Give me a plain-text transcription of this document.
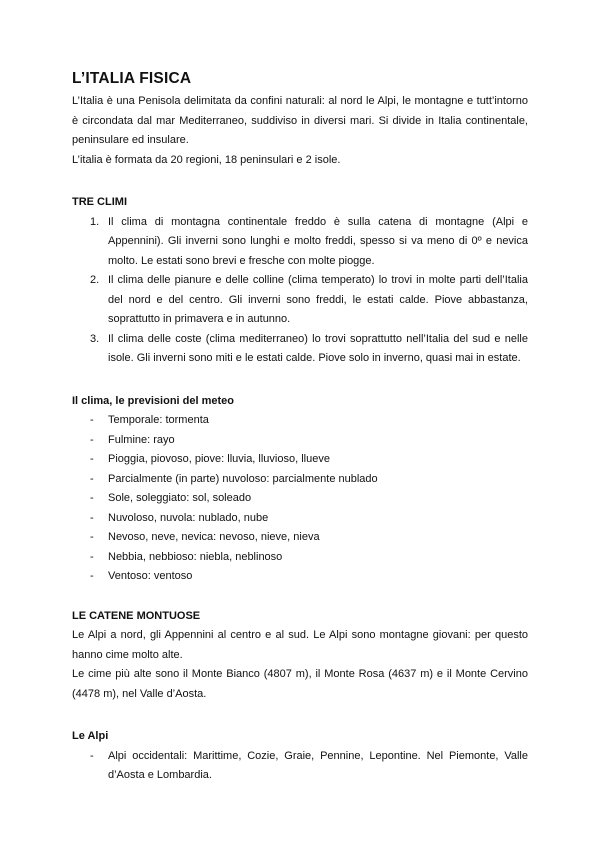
L’ITALIA FISICA

L’Italia è una Penisola delimitata da confini naturali: al nord le Alpi, le montagne e tutt’intorno è circondata dal mar Mediterraneo, suddiviso in diversi mari. Si divide in Italia continentale, peninsulare ed insulare.

L’italia è formata da 20 regioni, 18 peninsulari e 2 isole.

TRE CLIMI
1. Il clima di montagna continentale freddo è sulla catena di montagne (Alpi e Appennini). Gli inverni sono lunghi e molto freddi, spesso si va meno di 0º e nevica molto. Le estati sono brevi e fresche con molte piogge.
2. Il clima delle pianure e delle colline (clima temperato) lo trovi in molte parti dell’Italia del nord e del centro. Gli inverni sono freddi, le estati calde. Piove abbastanza, soprattutto in primavera e in autunno.
3. Il clima delle coste (clima mediterraneo) lo trovi soprattutto nell’Italia del sud e nelle isole. Gli inverni sono miti e le estati calde. Piove solo in inverno, quasi mai in estate.
Il clima, le previsioni del meteo
- Temporale: tormenta
- Fulmine: rayo
- Pioggia, piovoso, piove: lluvia, lluvioso, llueve
- Parcialmente (in parte) nuvoloso: parcialmente nublado
- Sole, soleggiato: sol, soleado
- Nuvoloso, nuvola: nublado, nube
- Nevoso, neve, nevica: nevoso, nieve, nieva
- Nebbia, nebbioso: niebla, neblinoso
- Ventoso: ventoso
LE CATENE MONTUOSE

Le Alpi a nord, gli Appennini al centro e al sud. Le Alpi sono montagne giovani: per questo hanno cime molto alte.

Le cime più alte sono il Monte Bianco (4807 m), il Monte Rosa (4637 m) e il Monte Cervino (4478 m), nel Valle d’Aosta.

Le Alpi
- Alpi occidentali: Marittime, Cozie, Graie, Pennine, Lepontine. Nel Piemonte, Valle d’Aosta e Lombardia.
